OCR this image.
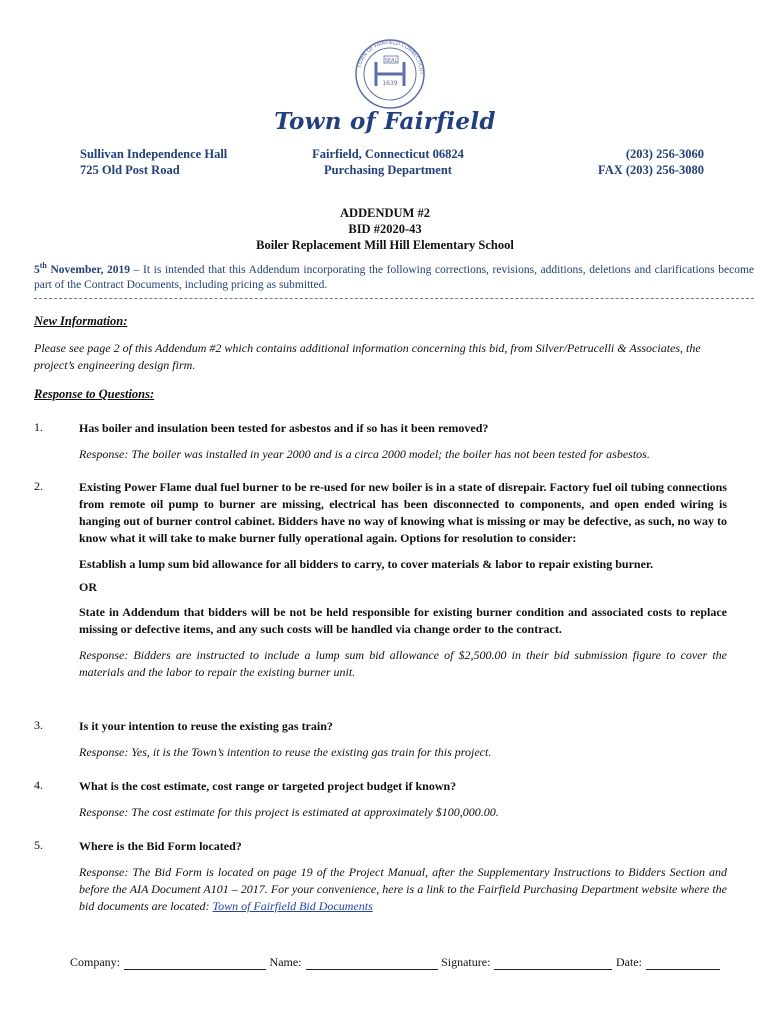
SEAL
1639
TOWN OF FAIRFIELD CONNECTICUT
Town of Fairfield
Sullivan Independence Hall
725 Old Post Road
Fairfield, Connecticut 06824
Purchasing Department
(203) 256-3060
FAX (203) 256-3080
ADDENDUM #2
BID #2020-43
Boiler Replacement Mill Hill Elementary School
5th November, 2019 – It is intended that this Addendum incorporating the following corrections, revisions, additions, deletions and clarifications become part of the Contract Documents, including pricing as submitted.
New Information:
Please see page 2 of this Addendum #2 which contains additional information concerning this bid, from Silver/Petrucelli & Associates, the project’s engineering design firm.
Response to Questions:
1.	Has boiler and insulation been tested for asbestos and if so has it been removed?
Response: The boiler was installed in year 2000 and is a circa 2000 model; the boiler has not been tested for asbestos.
2.	Existing Power Flame dual fuel burner to be re-used for new boiler is in a state of disrepair. Factory fuel oil tubing connections from remote oil pump to burner are missing, electrical has been disconnected to components, and open ended wiring is hanging out of burner control cabinet. Bidders have no way of knowing what is missing or may be defective, as such, no way to know what it will take to make burner fully operational again. Options for resolution to consider:
Establish a lump sum bid allowance for all bidders to carry, to cover materials & labor to repair existing burner.
OR
State in Addendum that bidders will be not be held responsible for existing burner condition and associated costs to replace missing or defective items, and any such costs will be handled via change order to the contract.
Response: Bidders are instructed to include a lump sum bid allowance of $2,500.00 in their bid submission figure to cover the materials and the labor to repair the existing burner unit.
3.	Is it your intention to reuse the existing gas train?
Response: Yes, it is the Town’s intention to reuse the existing gas train for this project.
4.	What is the cost estimate, cost range or targeted project budget if known?
Response: The cost estimate for this project is estimated at approximately $100,000.00.
5.	Where is the Bid Form located?
Response: The Bid Form is located on page 19 of the Project Manual, after the Supplementary Instructions to Bidders Section and before the AIA Document A101 – 2017. For your convenience, here is a link to the Fairfield Purchasing Department website where the bid documents are located: Town of Fairfield Bid Documents
Company:	Name:	Signature:	Date:
